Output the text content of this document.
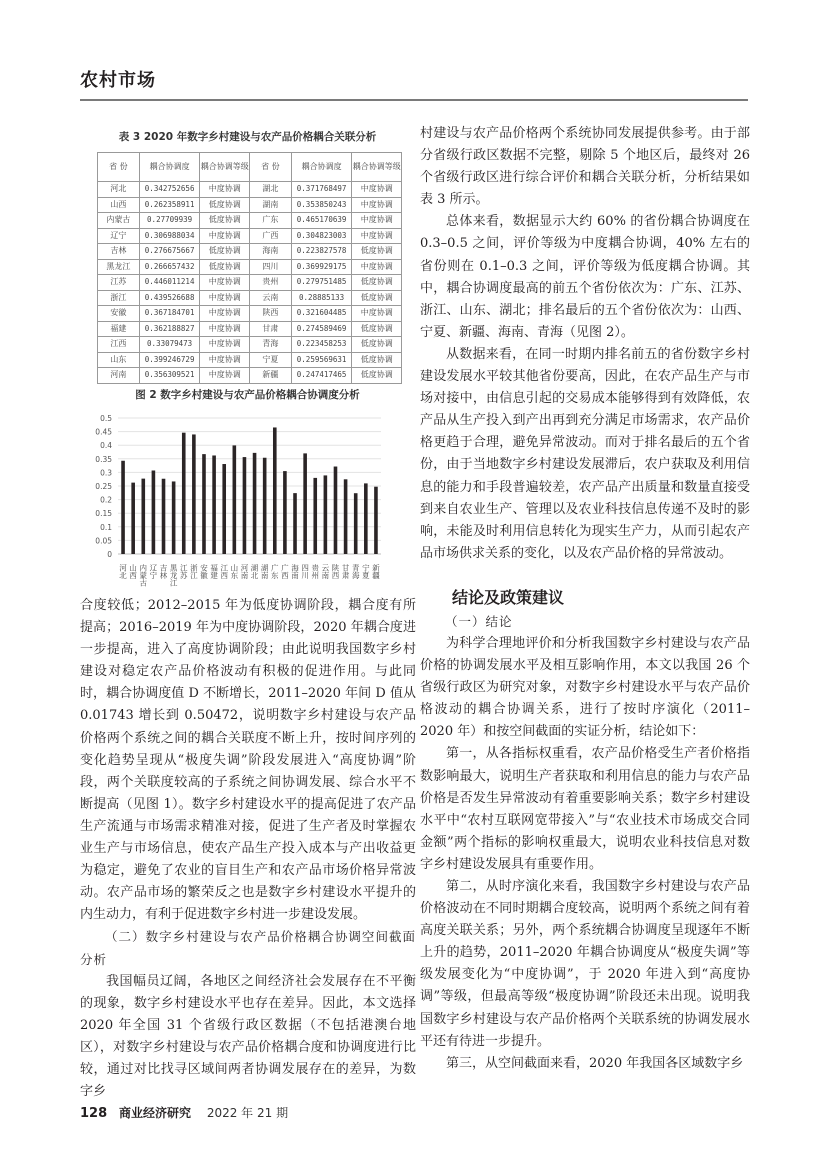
农村市场
表 3 2020 年数字乡村建设与农产品价格耦合关联分析
省 份	耦合协调度	耦合协调等级	省 份	耦合协调度	耦合协调等级
河北	0.342752656	中度协调	湖北	0.371768497	中度协调
山西	0.262358911	低度协调	湖南	0.353850243	中度协调
内蒙古	0.27709939	低度协调	广东	0.465170639	中度协调
辽宁	0.306988034	中度协调	广西	0.304823003	中度协调
吉林	0.276675667	低度协调	海南	0.223827578	低度协调
黑龙江	0.266657432	低度协调	四川	0.369929175	中度协调
江苏	0.446011214	中度协调	贵州	0.279751485	低度协调
浙江	0.439526688	中度协调	云南	0.28885133	低度协调
安徽	0.367184701	中度协调	陕西	0.321604485	中度协调
福建	0.362188827	中度协调	甘肃	0.274589469	低度协调
江西	0.33079473	中度协调	青海	0.223458253	低度协调
山东	0.399246729	中度协调	宁夏	0.259569631	低度协调
河南	0.356309521	中度协调	新疆	0.247417465	低度协调
图 2 数字乡村建设与农产品价格耦合协调度分析
0
0.05
0.1
0.15
0.2
0.25
0.3
0.35
0.4
0.45
0.5
河北 山西 内蒙古 辽宁 吉林 黑龙江 江苏 浙江 安徽 福建 江西 山东 河南 湖北 湖南 广东 广西 海南 四川 贵州 云南 陕西 甘肃 青海 宁夏 新疆

合度较低；2012–2015 年为低度协调阶段，耦合度有所提高；2016–2019 年为中度协调阶段，2020 年耦合度进一步提高，进入了高度协调阶段；由此说明我国数字乡村建设对稳定农产品价格波动有积极的促进作用。与此同时，耦合协调度值 D 不断增长，2011–2020 年间 D 值从 0.01743 增长到 0.50472，说明数字乡村建设与农产品价格两个系统之间的耦合关联度不断上升，按时间序列的变化趋势呈现从“极度失调”阶段发展进入“高度协调”阶段，两个关联度较高的子系统之间协调发展、综合水平不断提高（见图 1）。数字乡村建设水平的提高促进了农产品生产流通与市场需求精准对接，促进了生产者及时掌握农业生产与市场信息，使农产品生产投入成本与产出收益更为稳定，避免了农业的盲目生产和农产品市场价格异常波动。农产品市场的繁荣反之也是数字乡村建设水平提升的内生动力，有利于促进数字乡村进一步建设发展。

（二）数字乡村建设与农产品价格耦合协调空间截面分析

我国幅员辽阔，各地区之间经济社会发展存在不平衡的现象，数字乡村建设水平也存在差异。因此，本文选择 2020 年全国 31 个省级行政区数据（不包括港澳台地区），对数字乡村建设与农产品价格耦合度和协调度进行比较，通过对比找寻区域间两者协调发展存在的差异，为数字乡

村建设与农产品价格两个系统协同发展提供参考。由于部分省级行政区数据不完整，剔除 5 个地区后，最终对 26 个省级行政区进行综合评价和耦合关联分析，分析结果如表 3 所示。

总体来看，数据显示大约 60% 的省份耦合协调度在 0.3–0.5 之间，评价等级为中度耦合协调，40% 左右的省份则在 0.1–0.3 之间，评价等级为低度耦合协调。其中，耦合协调度最高的前五个省份依次为：广东、江苏、浙江、山东、湖北；排名最后的五个省份依次为：山西、宁夏、新疆、海南、青海（见图 2）。

从数据来看，在同一时期内排名前五的省份数字乡村建设发展水平较其他省份要高，因此，在农产品生产与市场对接中，由信息引起的交易成本能够得到有效降低，农产品从生产投入到产出再到充分满足市场需求，农产品价格更趋于合理，避免异常波动。而对于排名最后的五个省份，由于当地数字乡村建设发展滞后，农户获取及利用信息的能力和手段普遍较差，农产品产出质量和数量直接受到来自农业生产、管理以及农业科技信息传递不及时的影响，未能及时利用信息转化为现实生产力，从而引起农产品市场供求关系的变化，以及农产品价格的异常波动。

结论及政策建议

（一）结论

为科学合理地评价和分析我国数字乡村建设与农产品价格的协调发展水平及相互影响作用，本文以我国 26 个省级行政区为研究对象，对数字乡村建设水平与农产品价格波动的耦合协调关系，进行了按时序演化（2011–2020 年）和按空间截面的实证分析，结论如下：

第一，从各指标权重看，农产品价格受生产者价格指数影响最大，说明生产者获取和利用信息的能力与农产品价格是否发生异常波动有着重要影响关系；数字乡村建设水平中“农村互联网宽带接入”与“农业技术市场成交合同金额”两个指标的影响权重最大，说明农业科技信息对数字乡村建设发展具有重要作用。

第二，从时序演化来看，我国数字乡村建设与农产品价格波动在不同时期耦合度较高，说明两个系统之间有着高度关联关系；另外，两个系统耦合协调度呈现逐年不断上升的趋势，2011–2020 年耦合协调度从“极度失调”等级发展变化为“中度协调”，于 2020 年进入到“高度协调”等级，但最高等级“极度协调”阶段还未出现。说明我国数字乡村建设与农产品价格两个关联系统的协调发展水平还有待进一步提升。

第三，从空间截面来看，2020 年我国各区域数字乡

128 商业经济研究 2022 年 21 期
